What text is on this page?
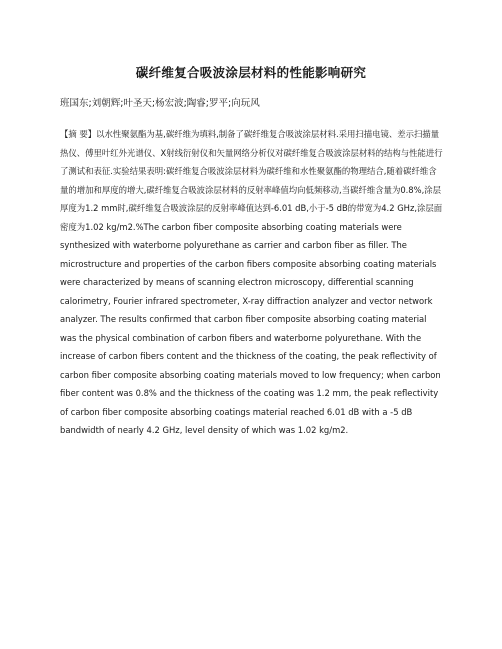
碳纤维复合吸波涂层材料的性能影响研究
班国东;刘朝辉;叶圣天;杨宏波;陶睿;罗平;向玩风
【摘 要】以水性聚氨酯为基,碳纤维为填料,制备了碳纤维复合吸波涂层材料.采用扫描电镜、差示扫描量热仪、傅里叶红外光谱仪、X射线衍射仪和矢量网络分析仪对碳纤维复合吸波涂层材料的结构与性能进行了测试和表征.实验结果表明:碳纤维复合吸波涂层材料为碳纤维和水性聚氨酯的物理结合,随着碳纤维含量的增加和厚度的增大,碳纤维复合吸波涂层材料的反射率峰值均向低频移动,当碳纤维含量为0.8%,涂层厚度为1.2 mm时,碳纤维复合吸波涂层的反射率峰值达到-6.01 dB,小于-5 dB的带宽为4.2 GHz,涂层面密度为1.02 kg/m2.%The carbon fiber composite absorbing coating materials were synthesized with waterborne polyurethane as carrier and carbon fiber as filler. The microstructure and properties of the carbon fibers composite absorbing coating materials were characterized by means of scanning electron microscopy, differential scanning calorimetry, Fourier infrared spectrometer, X-ray diffraction analyzer and vector network analyzer. The results confirmed that carbon fiber composite absorbing coating material was the physical combination of carbon fibers and waterborne polyurethane. With the increase of carbon fibers content and the thickness of the coating, the peak reflectivity of carbon fiber composite absorbing coating materials moved to low frequency; when carbon fiber content was 0.8% and the thickness of the coating was 1.2 mm, the peak reflectivity of carbon fiber composite absorbing coatings material reached 6.01 dB with a -5 dB bandwidth of nearly 4.2 GHz, level density of which was 1.02 kg/m2.
